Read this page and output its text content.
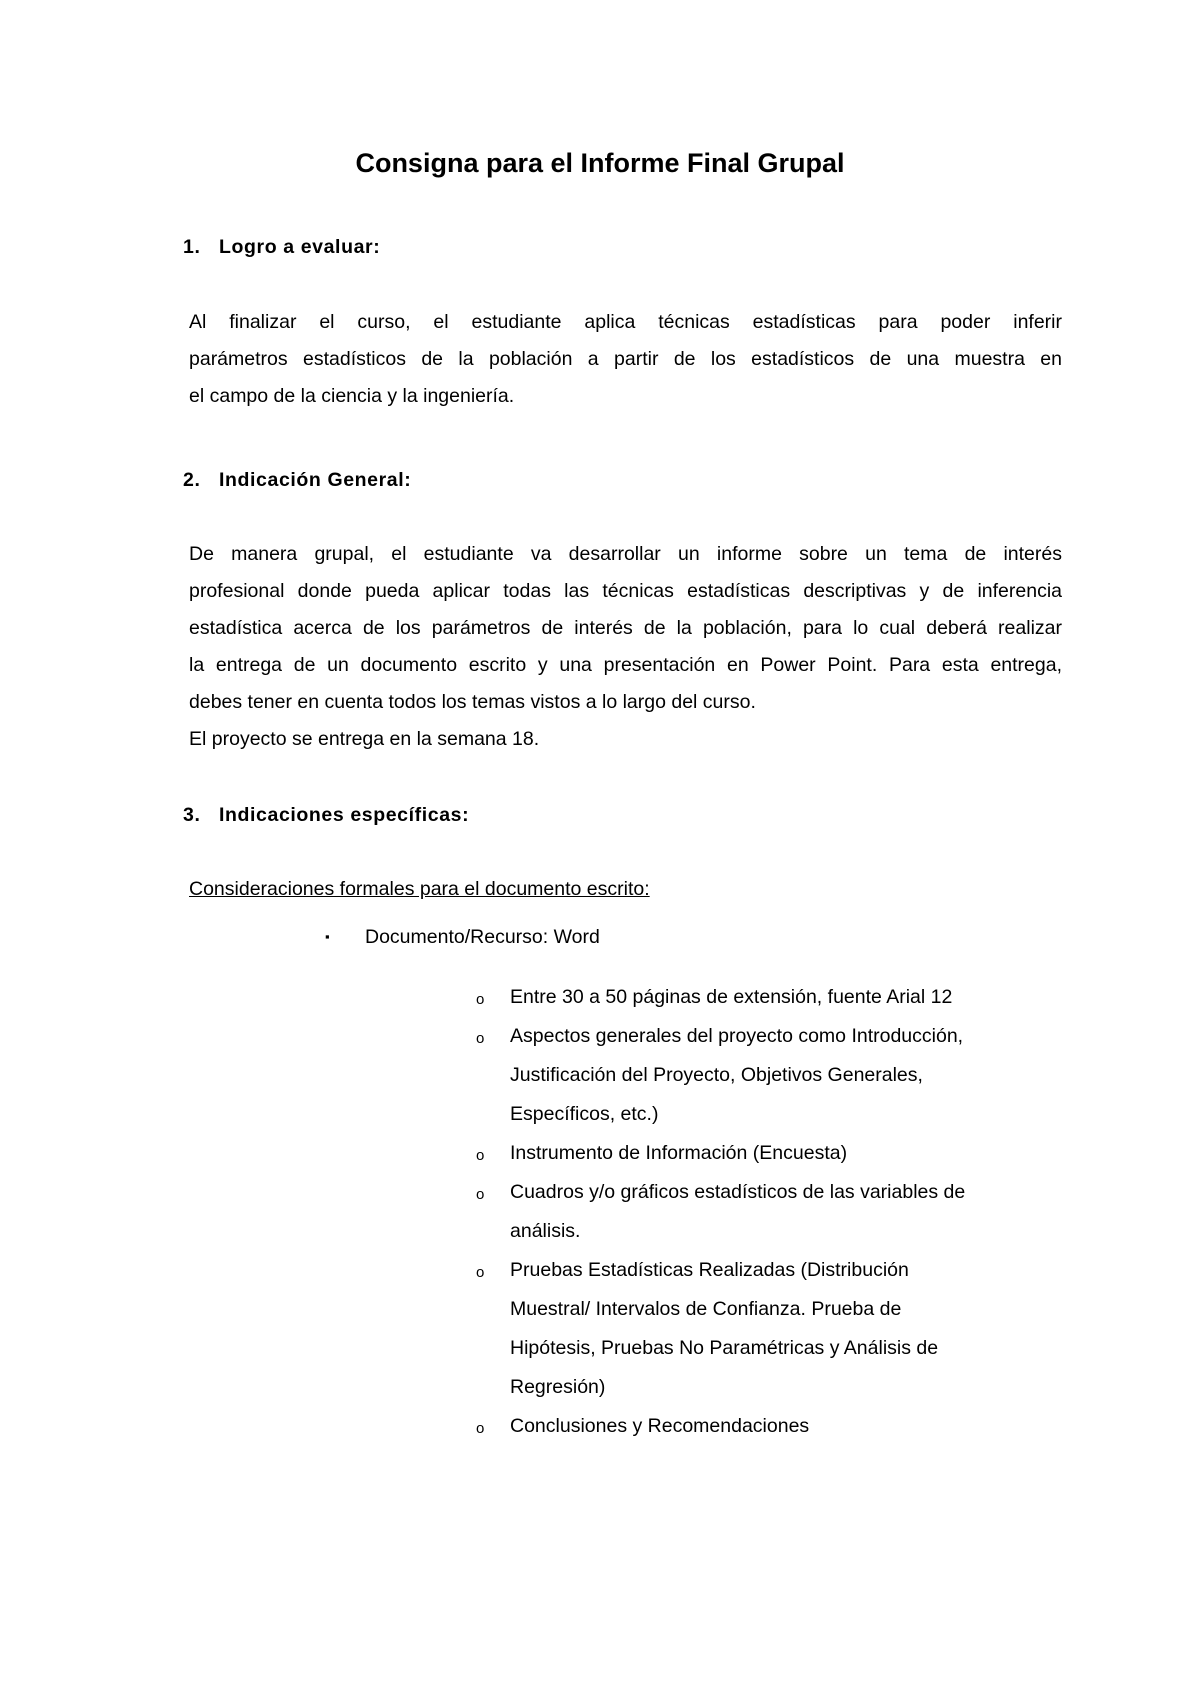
Consigna para el Informe Final Grupal
1. Logro a evaluar:
Al finalizar el curso, el estudiante aplica técnicas estadísticas para poder inferir
parámetros estadísticos de la población a partir de los estadísticos de una muestra en
el campo de la ciencia y la ingeniería.
2. Indicación General:
De manera grupal, el estudiante va desarrollar un informe sobre un tema de interés
profesional donde pueda aplicar todas las técnicas estadísticas descriptivas y de inferencia
estadística acerca de los parámetros de interés de la población, para lo cual deberá realizar
la entrega de un documento escrito y una presentación en Power Point. Para esta entrega,
debes tener en cuenta todos los temas vistos a lo largo del curso.
El proyecto se entrega en la semana 18.
3. Indicaciones específicas:
Consideraciones formales para el documento escrito:
▪ Documento/Recurso: Word
o Entre 30 a 50 páginas de extensión, fuente Arial 12
o Aspectos generales del proyecto como Introducción,
Justificación del Proyecto, Objetivos Generales,
Específicos, etc.)
o Instrumento de Información (Encuesta)
o Cuadros y/o gráficos estadísticos de las variables de
análisis.
o Pruebas Estadísticas Realizadas (Distribución
Muestral/ Intervalos de Confianza. Prueba de
Hipótesis, Pruebas No Paramétricas y Análisis de
Regresión)
o Conclusiones y Recomendaciones
